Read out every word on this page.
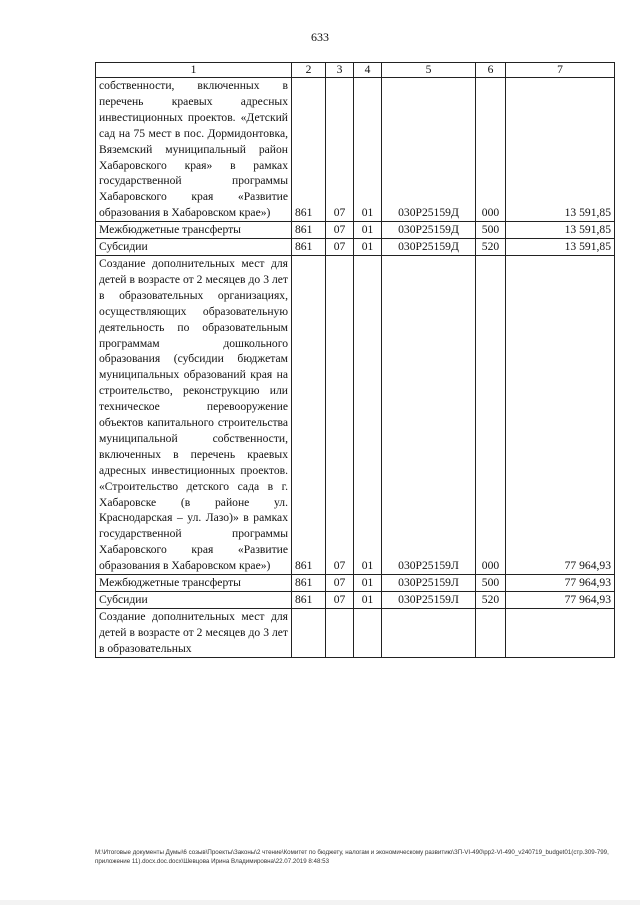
633
1	2	3	4	5	6	7
собственности, включенных в перечень краевых адресных инвестиционных проектов. «Детский сад на 75 мест в пос. Дормидонтовка, Вяземский муниципальный район Хабаровского края» в рамках государственной программы Хабаровского края «Развитие образования в Хабаровском крае»)	861	07	01	030Р25159Д	000	13 591,85
Межбюджетные трансферты	861	07	01	030Р25159Д	500	13 591,85
Субсидии	861	07	01	030Р25159Д	520	13 591,85
Создание дополнительных мест для детей в возрасте от 2 месяцев до 3 лет в образовательных организациях, осуществляющих образовательную деятельность по образовательным программам дошкольного образования (субсидии бюджетам муниципальных образований края на строительство, реконструкцию или техническое перевооружение объектов капитального строительства муниципальной собственности, включенных в перечень краевых адресных инвестиционных проектов. «Строительство детского сада в г. Хабаровске (в районе ул. Краснодарская – ул. Лазо)» в рамках государственной программы Хабаровского края «Развитие образования в Хабаровском крае»)	861	07	01	030Р25159Л	000	77 964,93
Межбюджетные трансферты	861	07	01	030Р25159Л	500	77 964,93
Субсидии	861	07	01	030Р25159Л	520	77 964,93
Создание дополнительных мест для детей в возрасте от 2 месяцев до 3 лет в образовательных						
М:\Итоговые документы Думы\6 созыв\Проекты\Законы\2 чтение\Комитет по бюджету, налогам и экономическому развитию\ЗП-VI-490\pp2-VI-490_v240719_budget01(стр.309-799, приложение 11).docx.doc.docx\Шевцова Ирина Владимировна\22.07.2019 8:48:53
